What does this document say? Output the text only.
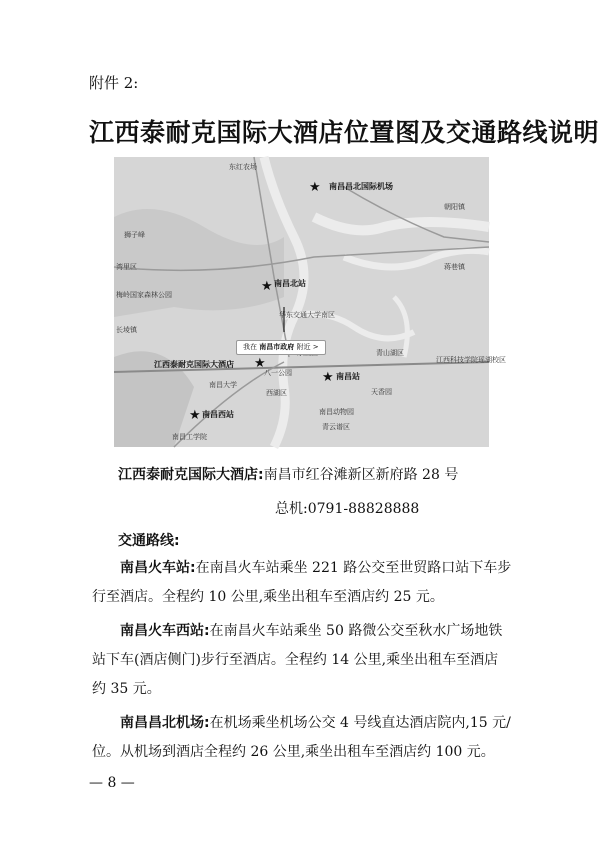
附件 2:
江西泰耐克国际大酒店位置图及交通路线说明
东红农场
南昌昌北国际机场
湾里区
狮子峰
梅岭国家森林公园
南昌北站
华东交通大学南区
长堎镇
蒋巷镇
青山湖区
江西科技学院瑶湖校区
江西泰耐克国际大酒店
南昌站
八一公园
南昌大学
西湖区	天香园
南昌西站	南昌动物园
青云谱区
南昌工学院
朝阳镇
★
★
★
★
★
我在 南昌市政府 附近 >
江西泰耐克国际大酒店:南昌市红谷滩新区新府路 28 号
总机:0791-88828888
交通路线:
南昌火车站:在南昌火车站乘坐 221 路公交至世贸路口站下车步行至酒店。全程约 10 公里,乘坐出租车至酒店约 25 元。
南昌火车西站:在南昌火车站乘坐 50 路微公交至秋水广场地铁站下车(酒店侧门)步行至酒店。全程约 14 公里,乘坐出租车至酒店约 35 元。
南昌昌北机场:在机场乘坐机场公交 4 号线直达酒店院内,15 元/位。从机场到酒店全程约 26 公里,乘坐出租车至酒店约 100 元。
— 8 —
